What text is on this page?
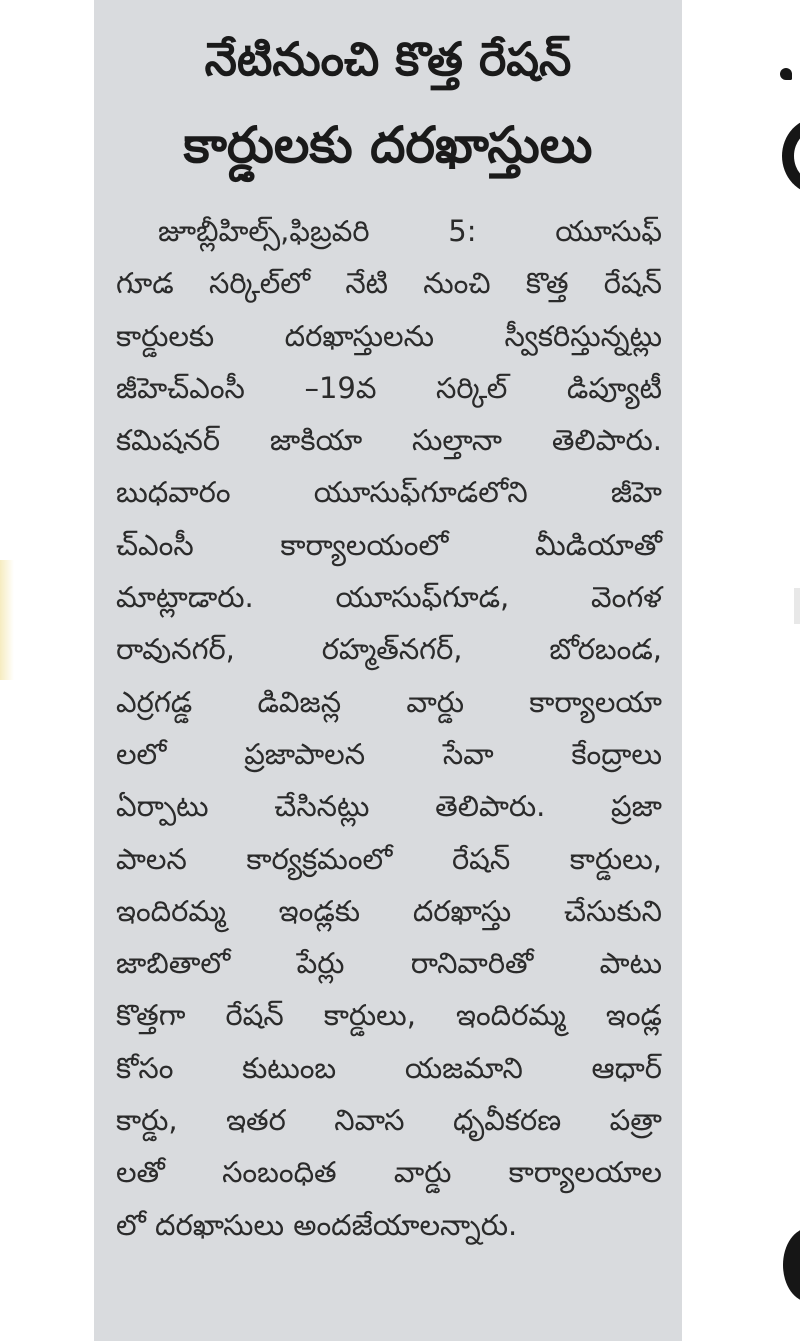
నేటినుంచి కొత్త రేషన్
కార్డులకు దరఖాస్తులు
జూబ్లీహిల్స్,ఫిబ్రవరి 5: యూసుఫ్
గూడ సర్కిల్‌లో నేటి నుంచి కొత్త రేషన్
కార్డులకు దరఖాస్తులను స్వీకరిస్తున్నట్లు
జీహెచ్‌ఎంసీ –19వ సర్కిల్ డిప్యూటీ
కమిషనర్ జాకియా సుల్తానా తెలిపారు.
బుధవారం యూసుఫ్‌గూడలోని జీహె
చ్‌ఎంసీ కార్యాలయంలో మీడియాతో
మాట్లాడారు. యూసుఫ్‌గూడ, వెంగళ
రావునగర్, రహ్మత్‌నగర్, బోరబండ,
ఎర్రగడ్డ డివిజన్ల వార్డు కార్యాలయా
లలో ప్రజాపాలన సేవా కేంద్రాలు
ఏర్పాటు చేసినట్లు తెలిపారు. ప్రజా
పాలన కార్యక్రమంలో రేషన్ కార్డులు,
ఇందిరమ్మ ఇండ్లకు దరఖాస్తు చేసుకుని
జాబితాలో పేర్లు రానివారితో పాటు
కొత్తగా రేషన్ కార్డులు, ఇందిరమ్మ ఇండ్ల
కోసం కుటుంబ యజమాని ఆధార్
కార్డు, ఇతర నివాస ధృవీకరణ పత్రా
లతో సంబంధిత వార్డు కార్యాలయాల
లో దరఖాసులు అందజేయాలన్నారు.
